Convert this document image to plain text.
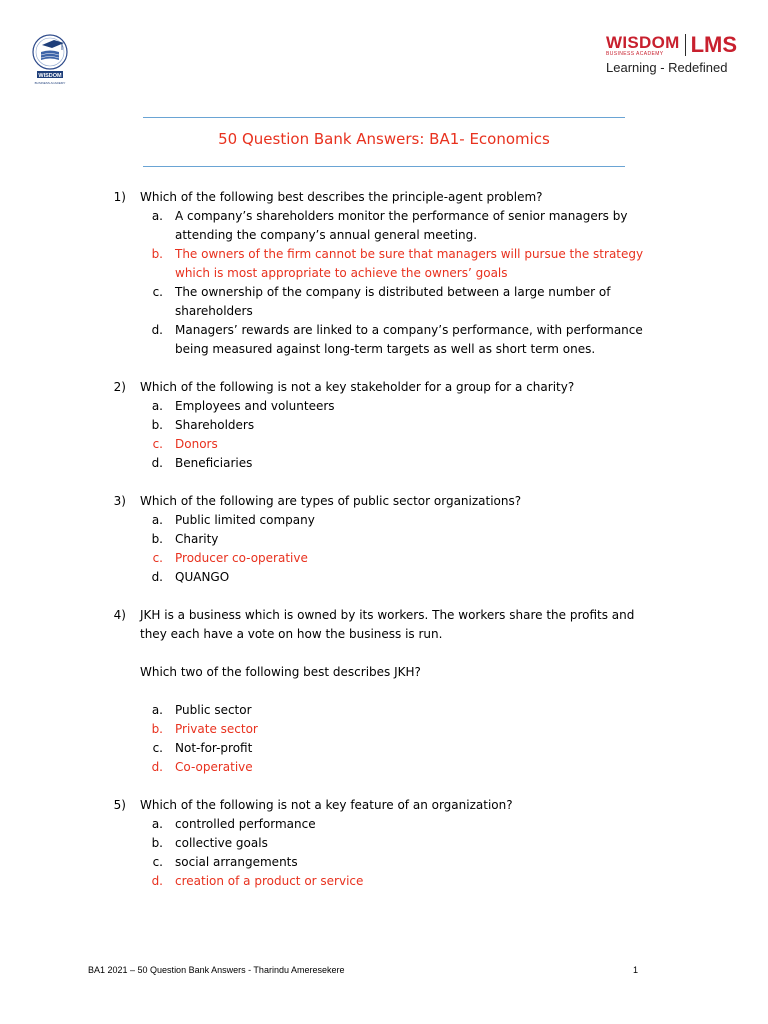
WISDOM
BUSINESS ACADEMY
WISDOM
BUSINESS ACADEMY	LMS
Learning - Redefined
50 Question Bank Answers: BA1- Economics
1)	Which of the following best describes the principle-agent problem?
a.	A company’s shareholders monitor the performance of senior managers by attending the company’s annual general meeting.
b.	The owners of the firm cannot be sure that managers will pursue the strategy which is most appropriate to achieve the owners’ goals
c.	The ownership of the company is distributed between a large number of shareholders
d.	Managers’ rewards are linked to a company’s performance, with performance being measured against long-term targets as well as short term ones.
2)	Which of the following is not a key stakeholder for a group for a charity?
a.	Employees and volunteers
b.	Shareholders
c.	Donors
d.	Beneficiaries
3)	Which of the following are types of public sector organizations?
a.	Public limited company
b.	Charity
c.	Producer co-operative
d.	QUANGO
4)	JKH is a business which is owned by its workers. The workers share the profits and they each have a vote on how the business is run.
Which two of the following best describes JKH?
a.	Public sector
b.	Private sector
c.	Not-for-profit
d.	Co-operative
5)	Which of the following is not a key feature of an organization?
a.	controlled performance
b.	collective goals
c.	social arrangements
d.	creation of a product or service
BA1 2021 – 50 Question Bank Answers - Tharindu Ameresekere	1
